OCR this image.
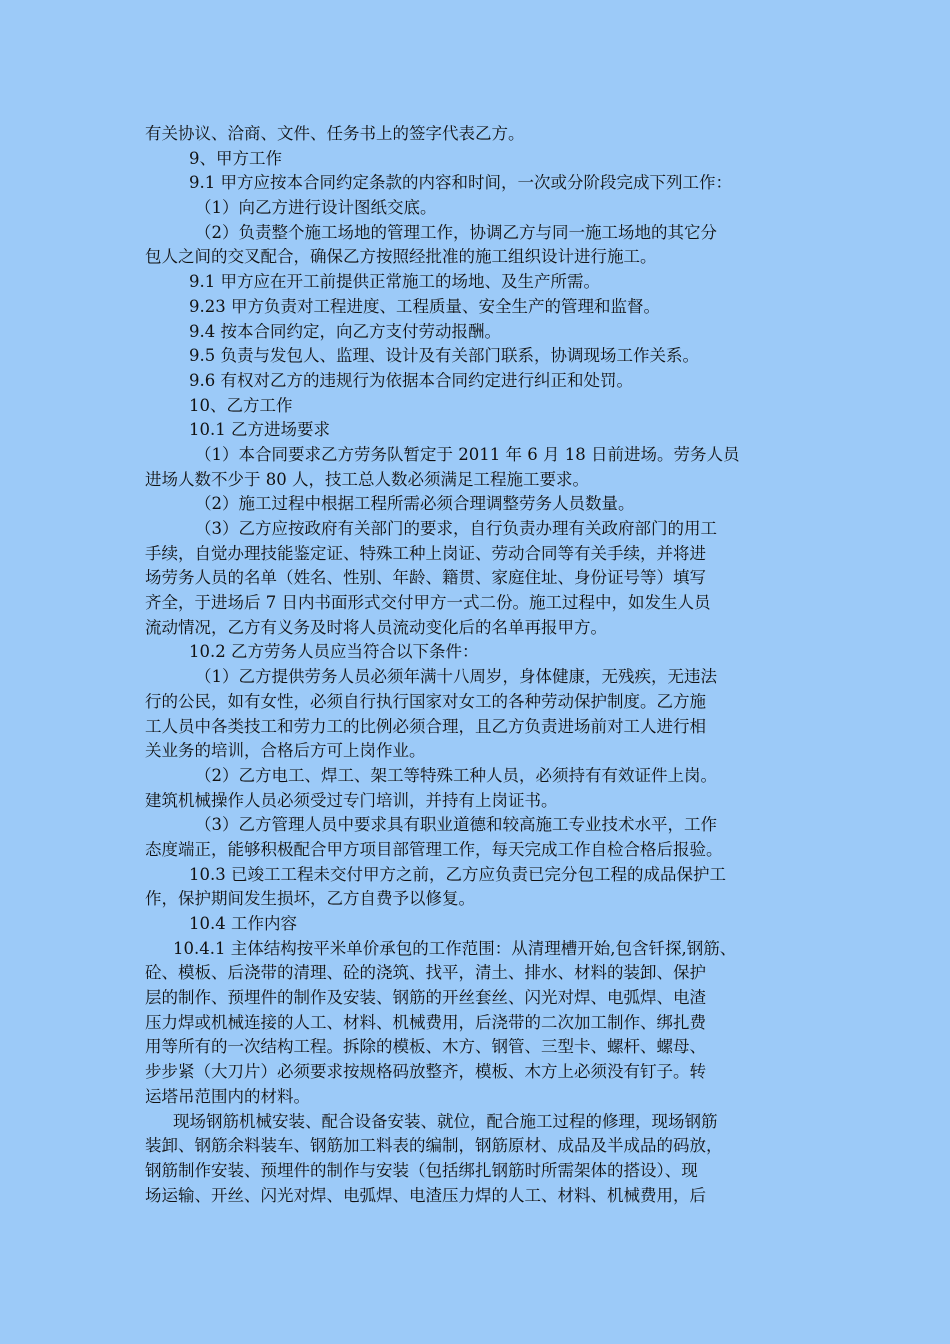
有关协议、洽商、文件、任务书上的签字代表乙方。
9、甲方工作
9.1 甲方应按本合同约定条款的内容和时间，一次或分阶段完成下列工作：
（1）向乙方进行设计图纸交底。
（2）负责整个施工场地的管理工作，协调乙方与同一施工场地的其它分
包人之间的交叉配合，确保乙方按照经批准的施工组织设计进行施工。
9.1 甲方应在开工前提供正常施工的场地、及生产所需。
9.23 甲方负责对工程进度、工程质量、安全生产的管理和监督。
9.4 按本合同约定，向乙方支付劳动报酬。
9.5 负责与发包人、监理、设计及有关部门联系，协调现场工作关系。
9.6 有权对乙方的违规行为依据本合同约定进行纠正和处罚。
10、乙方工作
10.1 乙方进场要求
（1）本合同要求乙方劳务队暂定于 2011 年 6 月 18 日前进场。劳务人员
进场人数不少于 80 人，技工总人数必须满足工程施工要求。
（2）施工过程中根据工程所需必须合理调整劳务人员数量。
（3）乙方应按政府有关部门的要求，自行负责办理有关政府部门的用工
手续，自觉办理技能鉴定证、特殊工种上岗证、劳动合同等有关手续，并将进
场劳务人员的名单（姓名、性别、年龄、籍贯、家庭住址、身份证号等）填写
齐全，于进场后 7 日内书面形式交付甲方一式二份。施工过程中，如发生人员
流动情况，乙方有义务及时将人员流动变化后的名单再报甲方。
10.2 乙方劳务人员应当符合以下条件：
（1）乙方提供劳务人员必须年满十八周岁，身体健康，无残疾，无违法
行的公民，如有女性，必须自行执行国家对女工的各种劳动保护制度。乙方施
工人员中各类技工和劳力工的比例必须合理，且乙方负责进场前对工人进行相
关业务的培训，合格后方可上岗作业。
（2）乙方电工、焊工、架工等特殊工种人员，必须持有有效证件上岗。
建筑机械操作人员必须受过专门培训，并持有上岗证书。
（3）乙方管理人员中要求具有职业道德和较高施工专业技术水平，工作
态度端正，能够积极配合甲方项目部管理工作，每天完成工作自检合格后报验。
10.3 已竣工工程未交付甲方之前，乙方应负责已完分包工程的成品保护工
作，保护期间发生损坏，乙方自费予以修复。
10.4 工作内容
10.4.1 主体结构按平米单价承包的工作范围：从清理槽开始,包含钎探,钢筋、
砼、模板、后浇带的清理、砼的浇筑、找平，清土、排水、材料的装卸、保护
层的制作、预埋件的制作及安装、钢筋的开丝套丝、闪光对焊、电弧焊、电渣
压力焊或机械连接的人工、材料、机械费用，后浇带的二次加工制作、绑扎费
用等所有的一次结构工程。拆除的模板、木方、钢管、三型卡、螺杆、螺母、
步步紧（大刀片）必须要求按规格码放整齐，模板、木方上必须没有钉子。转
运塔吊范围内的材料。
现场钢筋机械安装、配合设备安装、就位，配合施工过程的修理，现场钢筋
装卸、钢筋余料装车、钢筋加工料表的编制，钢筋原材、成品及半成品的码放，
钢筋制作安装、预埋件的制作与安装（包括绑扎钢筋时所需架体的搭设）、现
场运输、开丝、闪光对焊、电弧焊、电渣压力焊的人工、材料、机械费用，后
